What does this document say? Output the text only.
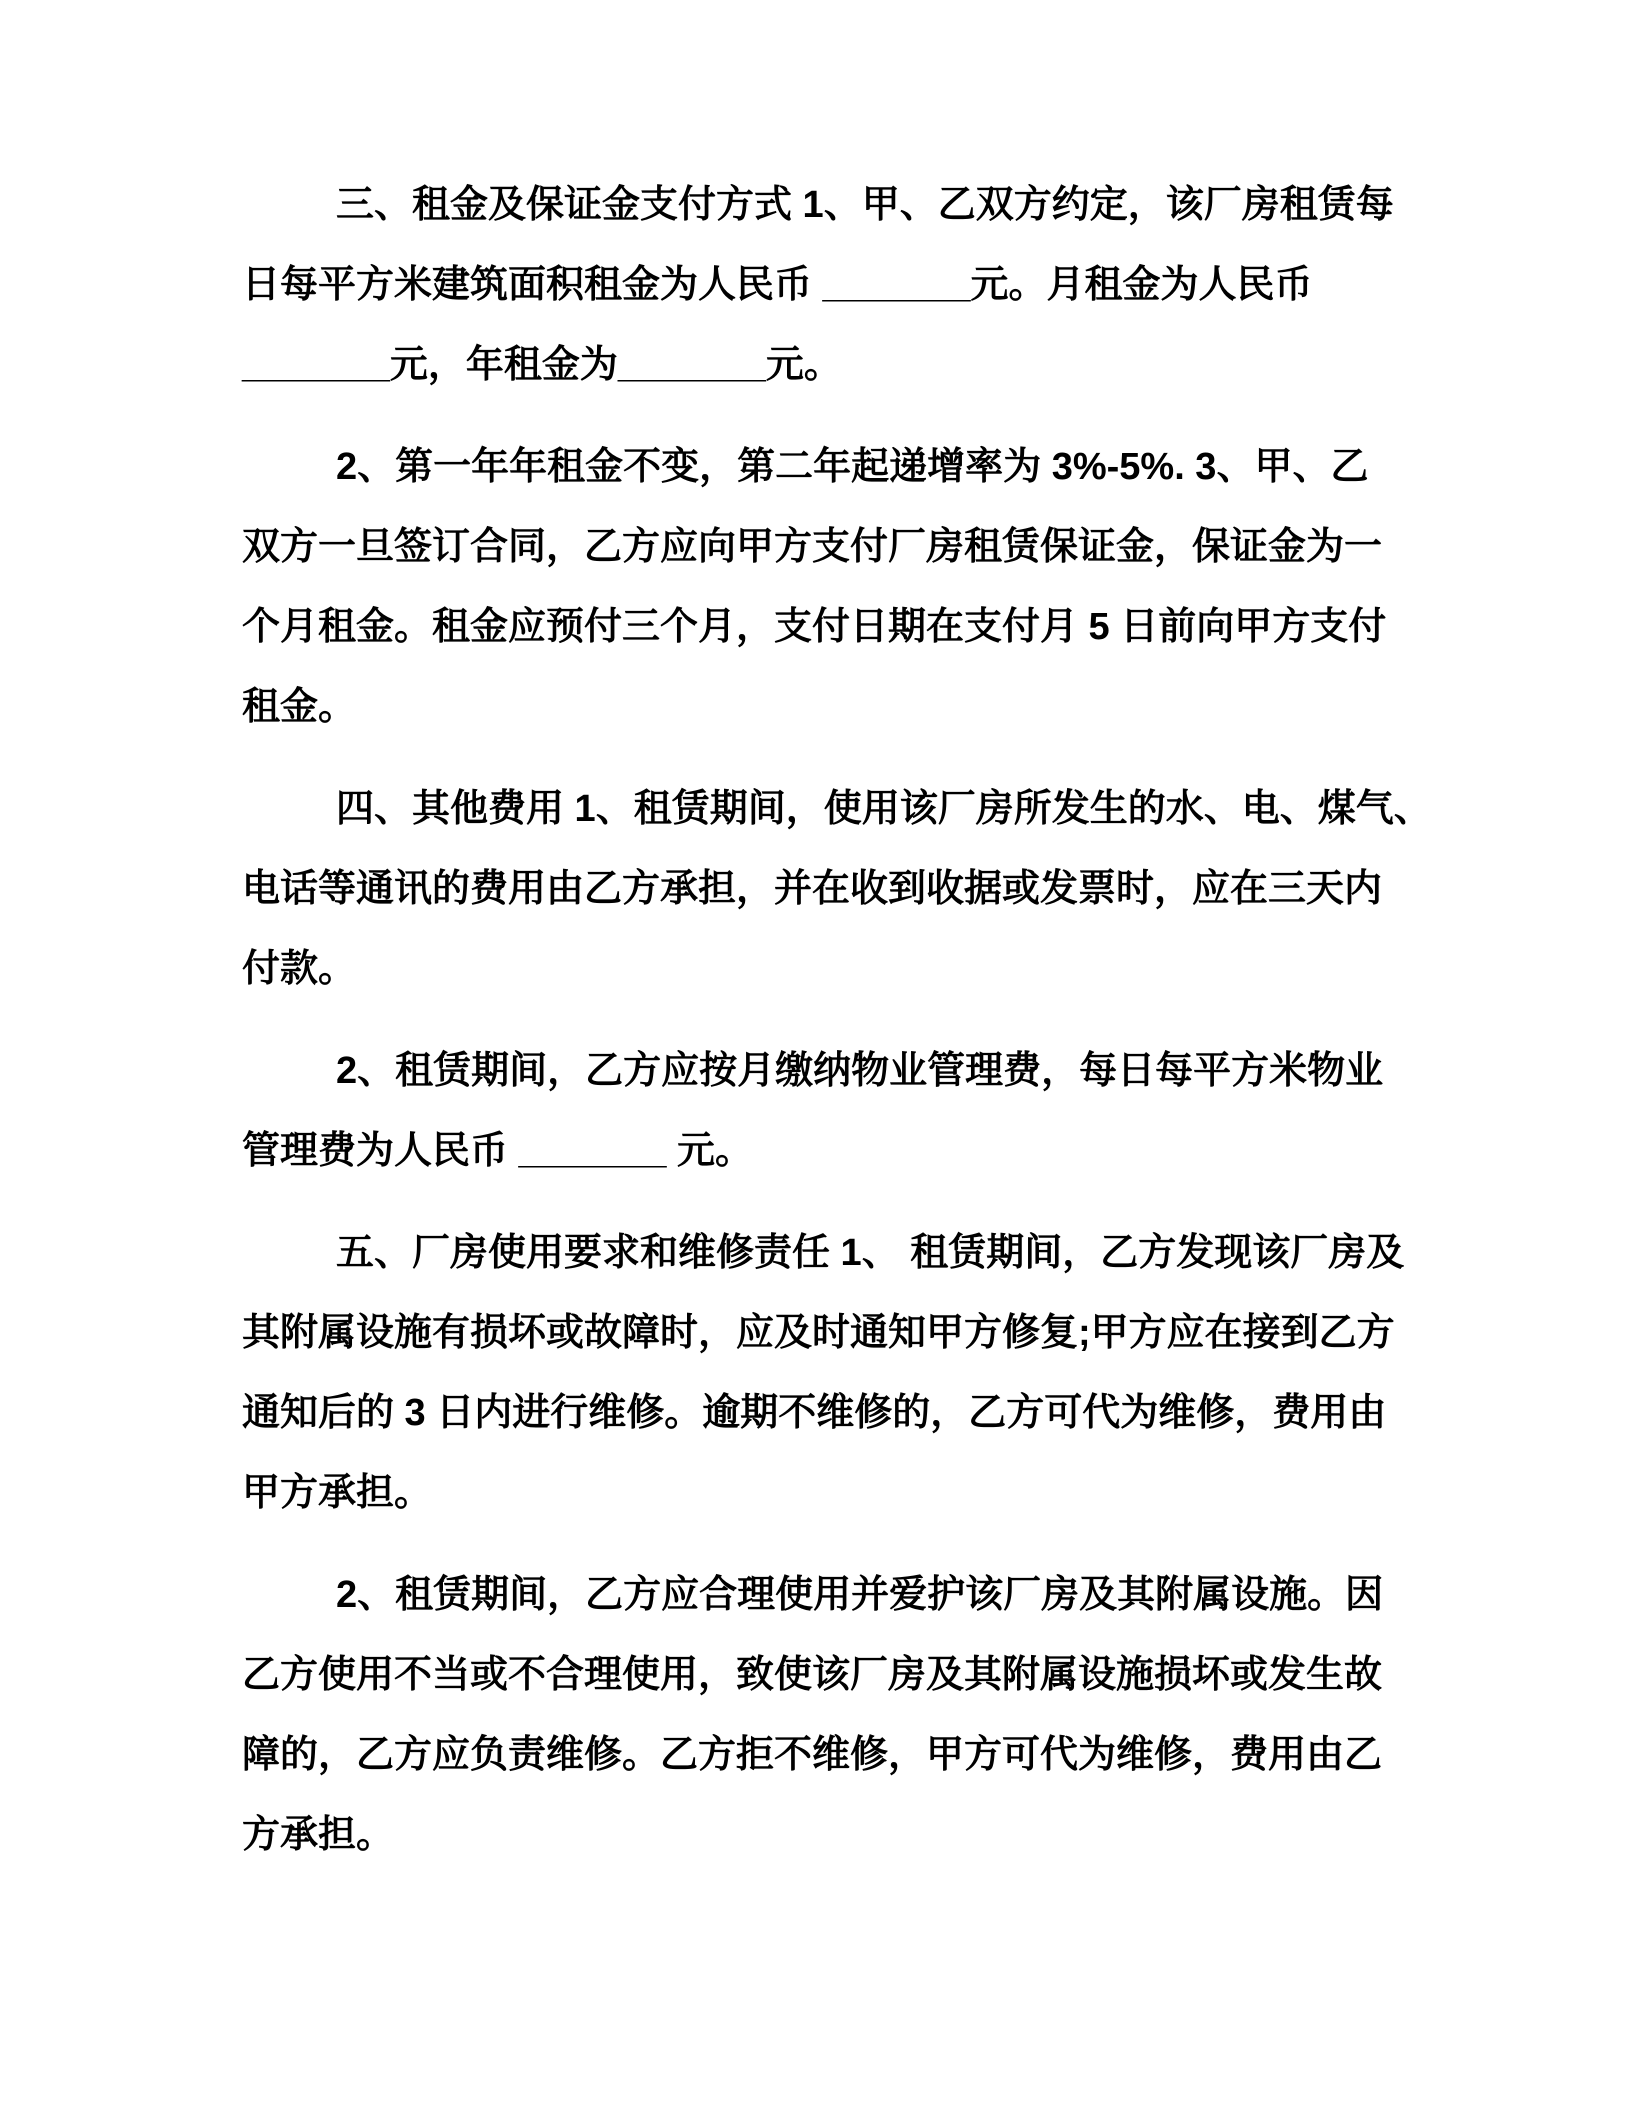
三、租金及保证金支付方式 1、甲、乙双方约定，该厂房租赁每
日每平方米建筑面积租金为人民币 _______元。月租金为人民币
_______元，年租金为_______元。
2、第一年年租金不变，第二年起递增率为 3%-5%. 3、甲、乙
双方一旦签订合同，乙方应向甲方支付厂房租赁保证金，保证金为一
个月租金。租金应预付三个月，支付日期在支付月 5 日前向甲方支付
租金。
四、其他费用 1、租赁期间，使用该厂房所发生的水、电、煤气、
电话等通讯的费用由乙方承担，并在收到收据或发票时，应在三天内
付款。
2、租赁期间，乙方应按月缴纳物业管理费，每日每平方米物业
管理费为人民币 _______ 元。
五、厂房使用要求和维修责任 1、 租赁期间，乙方发现该厂房及
其附属设施有损坏或故障时，应及时通知甲方修复;甲方应在接到乙方
通知后的 3 日内进行维修。逾期不维修的，乙方可代为维修，费用由
甲方承担。
2、租赁期间，乙方应合理使用并爱护该厂房及其附属设施。因
乙方使用不当或不合理使用，致使该厂房及其附属设施损坏或发生故
障的，乙方应负责维修。乙方拒不维修，甲方可代为维修，费用由乙
方承担。
